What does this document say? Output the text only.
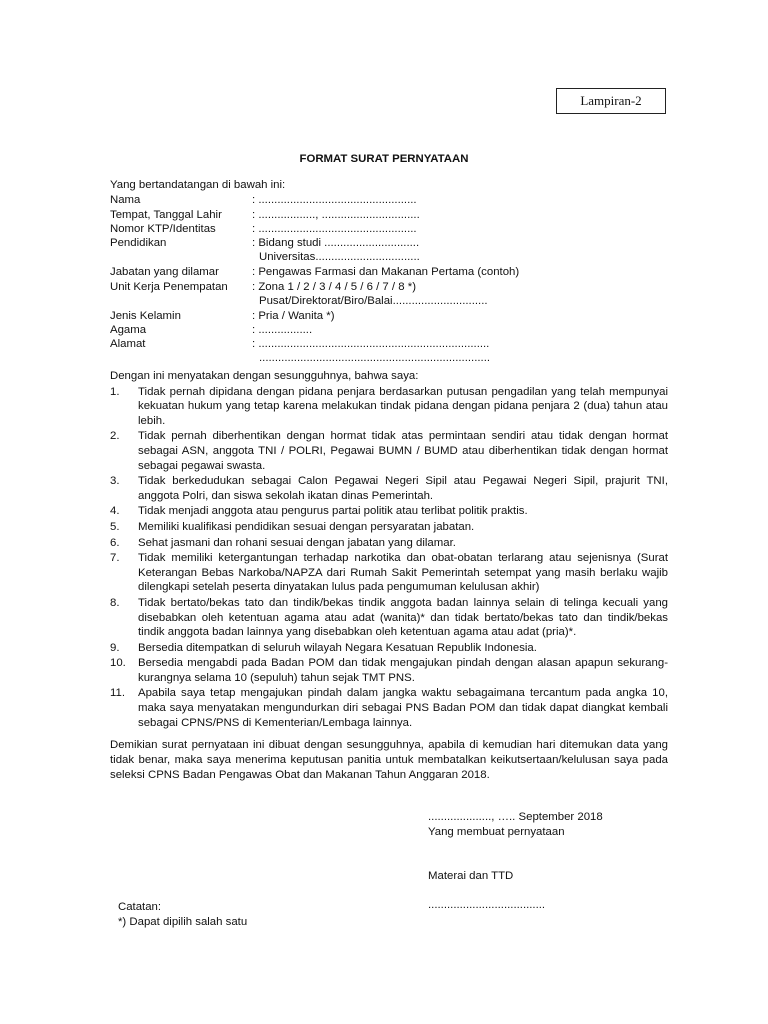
Lampiran-2
FORMAT SURAT PERNYATAAN
Yang bertandatangan di bawah ini:
Nama	: ..................................................
Tempat, Tanggal Lahir	: .................., ...............................
Nomor KTP/Identitas	: ..................................................
Pendidikan	: Bidang studi ..............................
Universitas.................................
Jabatan yang dilamar	: Pengawas Farmasi dan Makanan Pertama (contoh)
Unit Kerja Penempatan : Zona 1 / 2 / 3 / 4 / 5 / 6 / 7 / 8 *)
Pusat/Direktorat/Biro/Balai..............................
Jenis Kelamin	: Pria / Wanita *)
Agama	: .................
Alamat	: .........................................................................
.........................................................................
Dengan ini menyatakan dengan sesungguhnya, bahwa saya:
1.	Tidak pernah dipidana dengan pidana penjara berdasarkan putusan pengadilan yang telah mempunyai kekuatan hukum yang tetap karena melakukan tindak pidana dengan pidana penjara 2 (dua) tahun atau lebih.
2.	Tidak pernah diberhentikan dengan hormat tidak atas permintaan sendiri atau tidak dengan hormat sebagai ASN, anggota TNI / POLRI, Pegawai BUMN / BUMD atau diberhentikan tidak dengan hormat sebagai pegawai swasta.
3.	Tidak berkedudukan sebagai Calon Pegawai Negeri Sipil atau Pegawai Negeri Sipil, prajurit TNI, anggota Polri, dan siswa sekolah ikatan dinas Pemerintah.
4.	Tidak menjadi anggota atau pengurus partai politik atau terlibat politik praktis.
5.	Memiliki kualifikasi pendidikan sesuai dengan persyaratan jabatan.
6.	Sehat jasmani dan rohani sesuai dengan jabatan yang dilamar.
7.	Tidak memiliki ketergantungan terhadap narkotika dan obat-obatan terlarang atau sejenisnya (Surat Keterangan Bebas Narkoba/NAPZA dari Rumah Sakit Pemerintah setempat yang masih berlaku wajib dilengkapi setelah peserta dinyatakan lulus pada pengumuman kelulusan akhir)
8.	Tidak bertato/bekas tato dan tindik/bekas tindik anggota badan lainnya selain di telinga kecuali yang disebabkan oleh ketentuan agama atau adat (wanita)* dan tidak bertato/bekas tato dan tindik/bekas tindik anggota badan lainnya yang disebabkan oleh ketentuan agama atau adat (pria)*.
9.	Bersedia ditempatkan di seluruh wilayah Negara Kesatuan Republik Indonesia.
10.	Bersedia mengabdi pada Badan POM dan tidak mengajukan pindah dengan alasan apapun sekurang-kurangnya selama 10 (sepuluh) tahun sejak TMT PNS.
11.	Apabila saya tetap mengajukan pindah dalam jangka waktu sebagaimana tercantum pada angka 10, maka saya menyatakan mengundurkan diri sebagai PNS Badan POM dan tidak dapat diangkat kembali sebagai CPNS/PNS di Kementerian/Lembaga lainnya.
Demikian surat pernyataan ini dibuat dengan sesungguhnya, apabila di kemudian hari ditemukan data yang tidak benar, maka saya menerima keputusan panitia untuk membatalkan keikutsertaan/kelulusan saya pada seleksi CPNS Badan Pengawas Obat dan Makanan Tahun Anggaran 2018.
...................., ….. September 2018
Yang membuat pernyataan
Materai dan TTD
.....................................
Catatan:
*) Dapat dipilih salah satu
